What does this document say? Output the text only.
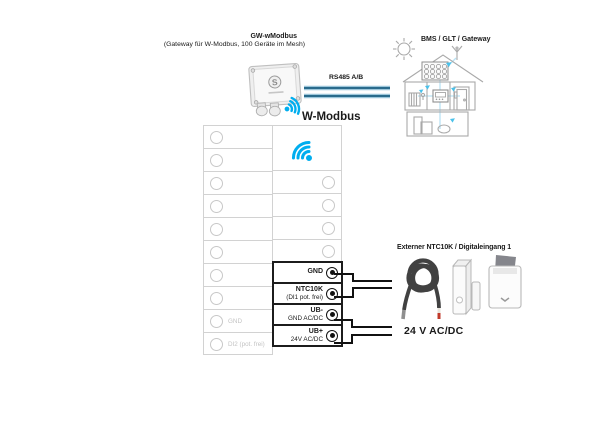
GW-wModbus
(Gateway für W-Modbus, 100 Geräte im Mesh)
S	RS485 A/B
BMS / GLT / Gateway
W-Modbus
GND
DI2 (pot. frei)
GND
NTC10K
(DI1 pot. frei)
UB-
GND AC/DC
UB+
24V AC/DC
Externer NTC10K / Digitaleingang 1
24 V AC/DC
